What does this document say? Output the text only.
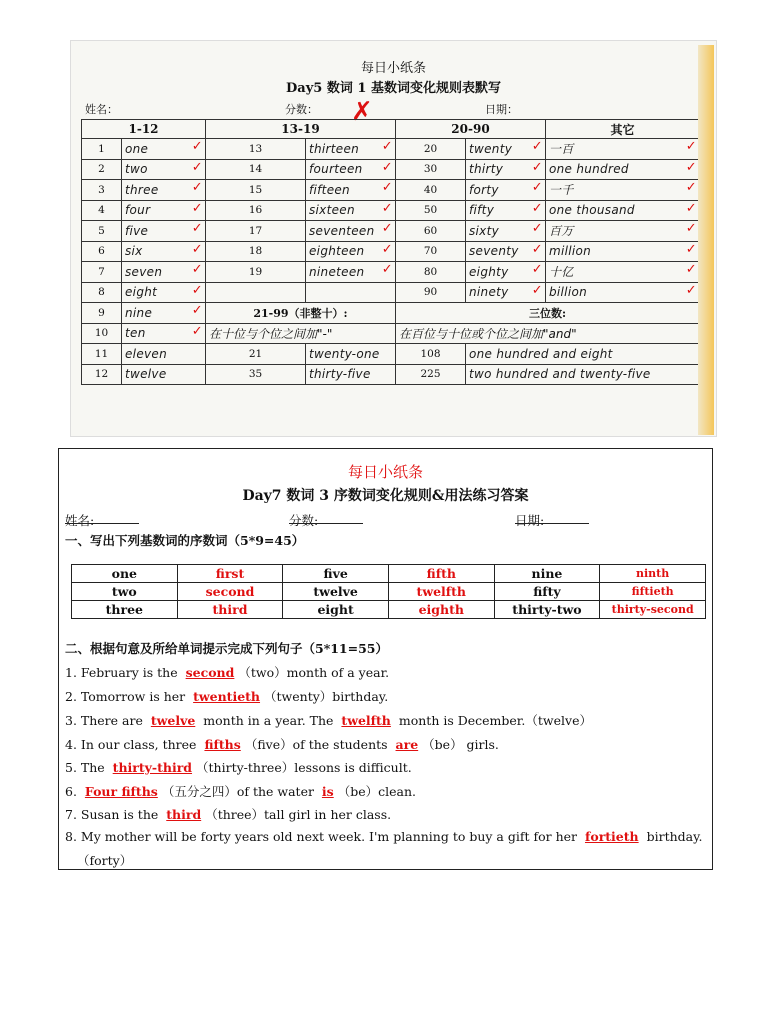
每日小纸条
Day5 数词 1 基数词变化规则表默写
姓名：	分数：	日期：
✗
1-12		13-19		20-90		其它
1	one ✓	13	thirteen ✓	20	twenty ✓	一百 ✓

2	two ✓	14	fourteen ✓	30	thirty ✓	one hundred ✓

3	three ✓	15	fifteen ✓	40	forty ✓	一千 ✓

4	four ✓	16	sixteen ✓	50	fifty ✓	one thousand ✓

5	five ✓	17	seventeen ✓	60	sixty ✓	百万 ✓

6	six ✓	18	eighteen ✓	70	seventy ✓	million ✓

7	seven ✓	19	nineteen ✓	80	eighty ✓	十亿 ✓

8	eight ✓			90	ninety ✓	billion ✓

9	nine ✓	21-99（非整十）:		三位数:		
10	ten ✓	在十位与个位之间加"-"		在百位与十位或个位之间加"and"		
11	eleven	21	twenty-one	108	one hundred and eight	
12	twelve	35	thirty-five	225	two hundred and twenty-five	
每日小纸条
Day7 数词 3 序数词变化规则&用法练习答案
姓名:	分数:	日期:
一、写出下列基数词的序数词（5*9=45）
one	first	five	fifth	nine	ninth
two	second	twelve	twelfth	fifty	fiftieth
three	third	eight	eighth	thirty-two	thirty-second
二、根据句意及所给单词提示完成下列句子（5*11=55）
1. February is the second （two）month of a year.
2. Tomorrow is her twentieth （twenty）birthday.
3. There are twelve month in a year. The twelfth month is December.（twelve）
4. In our class, three fifths （five）of the students are （be） girls.
5. The thirty-third （thirty-three）lessons is difficult.
6. Four fifths （五分之四）of the water is （be）clean.
7. Susan is the third （three）tall girl in her class.
8. My mother will be forty years old next week. I'm planning to buy a gift for her fortieth birthday.
（forty）
